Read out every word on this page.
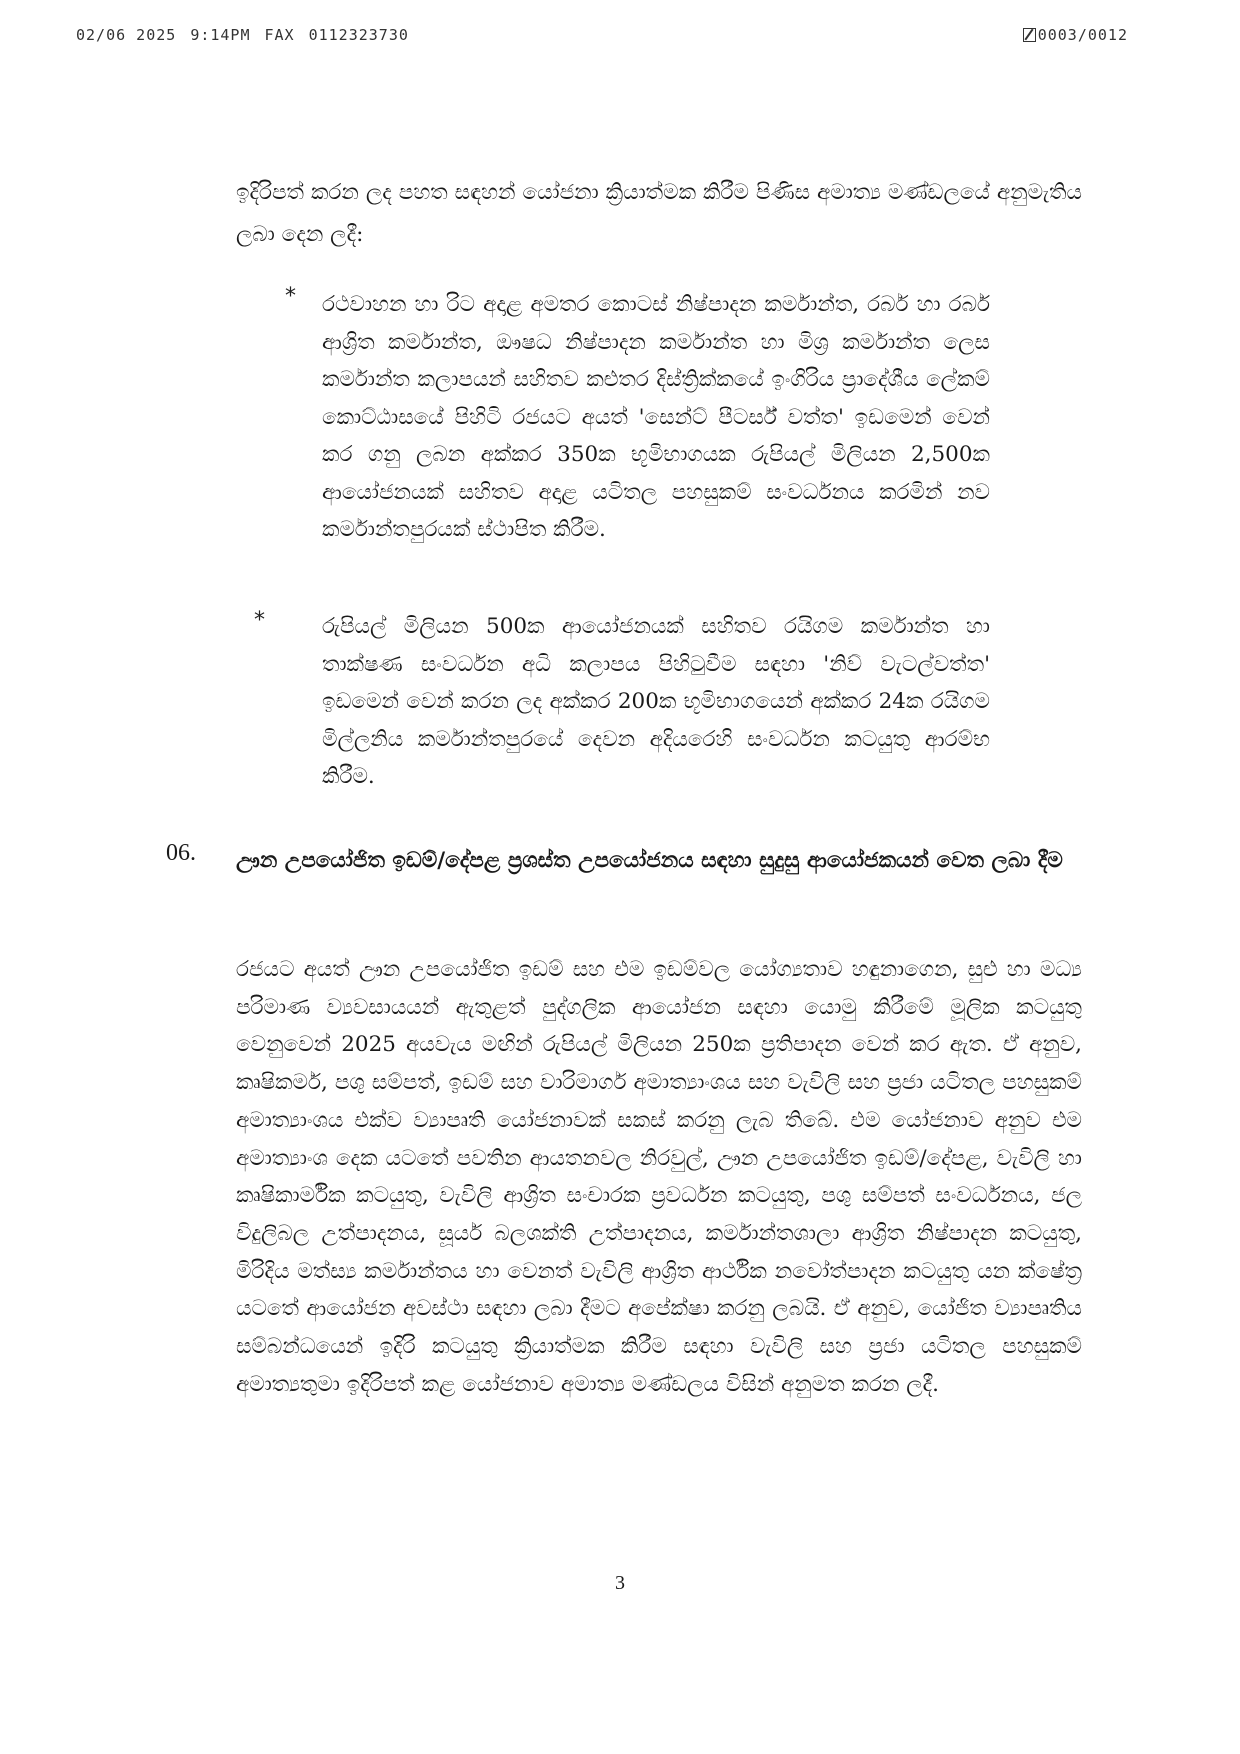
02/06 2025 9:14PM FAX 0112323730	0003/0012
ඉදිරිපත් කරන ලද පහත සඳහන් යෝජනා ක්‍රියාත්මක කිරීම පිණිස අමාත්‍ය මණ්ඩලයේ අනුමැතිය ලබා දෙන ලදී:
* රථවාහන හා රිට අදාළ අමතර කොටස් නිෂ්පාදන කර්මාන්ත, රබර් හා රබර් ආශ්‍රිත කර්මාන්ත, ඖෂධ නිෂ්පාදන කර්මාන්ත හා මිශ්‍ර කර්මාන්ත ලෙස කර්මාන්ත කලාපයන් සහිතව කළුතර දිස්ත්‍රික්කයේ ඉංගිරිය ප්‍රාදේශීය ලේකම් කොට්ඨාසයේ පිහිටි රජයට අයත් 'සෙන්ට් පීටර්ස් වත්ත' ඉඩමෙන් වෙන් කර ගනු ලබන අක්කර 350ක භූමිභාගයක රුපියල් මිලියන 2,500ක ආයෝජනයක් සහිතව අදාළ යටිතල පහසුකම් සංවර්ධනය කරමින් නව කර්මාන්තපුරයක් ස්ථාපිත කිරීම.
*	රුපියල් මිලියන 500ක ආයෝජනයක් සහිතව රයිගම කර්මාන්ත හා තාක්ෂණ සංවර්ධන අධි කලාපය පිහිටුවීම සඳහා 'නිව් වැටල්වත්ත' ඉඩමෙන් වෙන් කරන ලද අක්කර 200ක භූමිභාගයෙන් අක්කර 24ක රයිගම මිල්ලනිය කර්මාන්තපුරයේ දෙවන අදියරෙහි සංවර්ධන කටයුතු ආරම්භ කිරීම.
06. ඌන උපයෝජිත ඉඩම්/දේපළ ප්‍රශස්ත උපයෝජනය සඳහා සුදුසු ආයෝජකයන් වෙත ලබා දීම
රජයට අයත් ඌන උපයෝජිත ඉඩම් සහ එම ඉඩම්වල යෝග්‍යතාව හඳුනාගෙන, සුළු හා මධ්‍ය පරිමාණ ව්‍යවසායයන් ඇතුළත් පුද්ගලික ආයෝජන සඳහා යොමු කිරීමේ මූලික කටයුතු වෙනුවෙන් 2025 අයවැය මඟින් රුපියල් මිලියන 250ක ප්‍රතිපාදන වෙන් කර ඇත. ඒ අනුව, කෘෂිකර්ම, පශු සම්පත්, ඉඩම් සහ වාරිමාර්ග අමාත්‍යාංශය සහ වැවිලි සහ ප්‍රජා යටිතල පහසුකම් අමාත්‍යාංශය එක්ව ව්‍යාපෘති යෝජනාවක් සකස් කරනු ලැබ තිබේ. එම යෝජනාව අනුව එම අමාත්‍යාංශ දෙක යටතේ පවතින ආයතනවල නිරවුල්, ඌන උපයෝජිත ඉඩම්/දේපළ, වැවිලි හා කෘෂිකාර්මික කටයුතු, වැවිලි ආශ්‍රිත සංචාරක ප්‍රවර්ධන කටයුතු, පශු සම්පත් සංවර්ධනය, ජල විදුලිබල උත්පාදනය, සූර්ය බලශක්ති උත්පාදනය, කර්මාන්තශාලා ආශ්‍රිත නිෂ්පාදන කටයුතු, මිරිදිය මත්ස්‍ය කර්මාන්තය හා වෙනත් වැවිලි ආශ්‍රිත ආර්ථික නවෝත්පාදන කටයුතු යන ක්ෂේත්‍ර යටතේ ආයෝජන අවස්ථා සඳහා ලබා දීමට අපේක්ෂා කරනු ලබයි. ඒ අනුව, යෝජිත ව්‍යාපෘතිය සම්බන්ධයෙන් ඉදිරි කටයුතු ක්‍රියාත්මක කිරීම සඳහා වැවිලි සහ ප්‍රජා යටිතල පහසුකම් අමාත්‍යතුමා ඉදිරිපත් කළ යෝජනාව අමාත්‍ය මණ්ඩලය විසින් අනුමත කරන ලදී.
3
